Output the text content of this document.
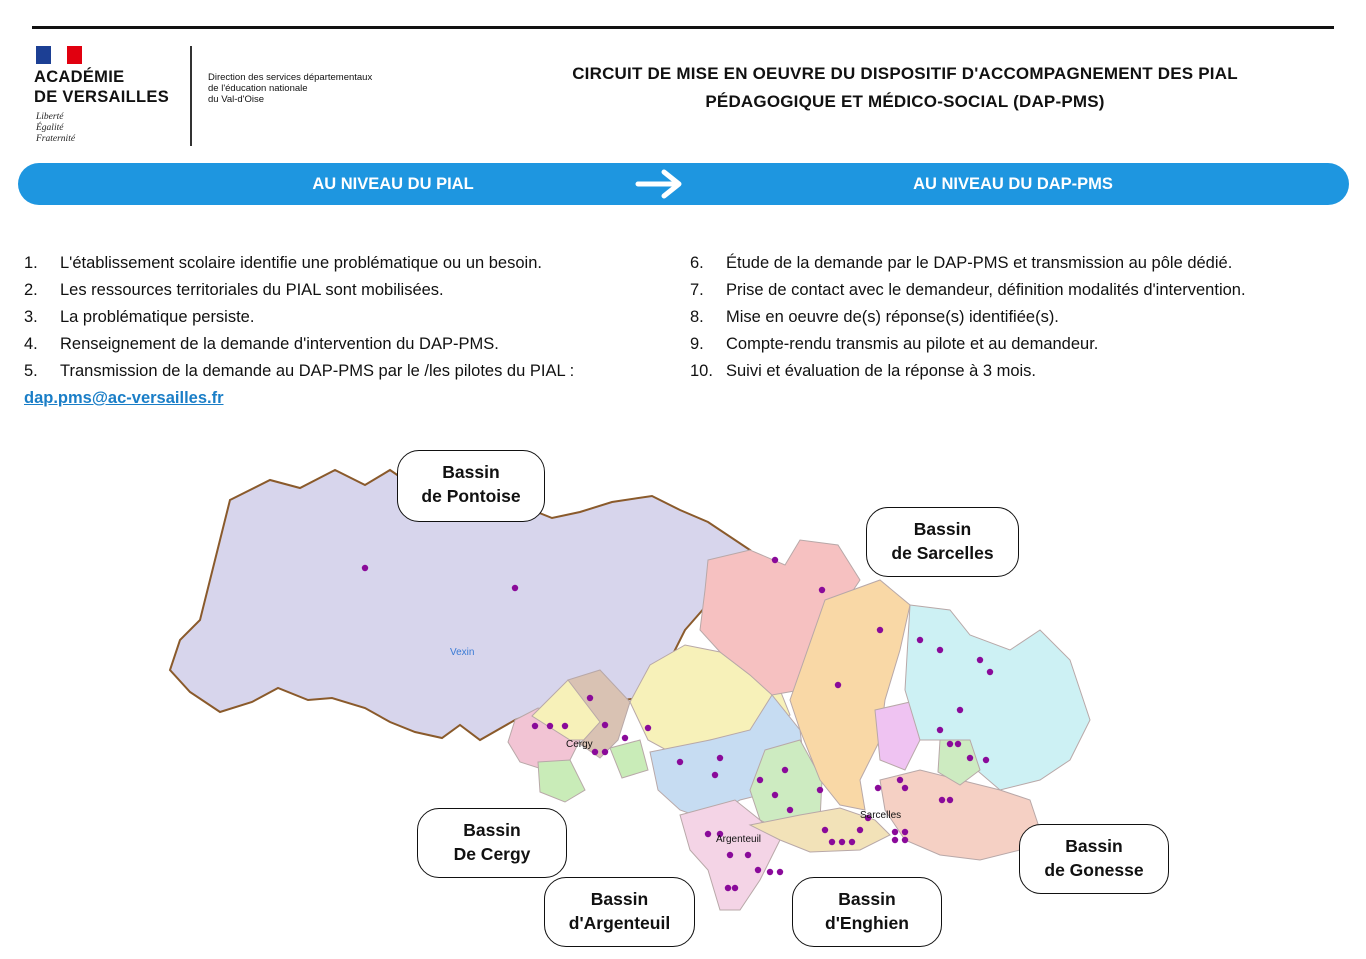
ACADÉMIE
DE VERSAILLES
Liberté
Égalité
Fraternité
Direction des services départementaux
de l'éducation nationale
du Val-d'Oise
CIRCUIT DE MISE EN OEUVRE DU DISPOSITIF D'ACCOMPAGNEMENT DES PIAL
PÉDAGOGIQUE ET MÉDICO-SOCIAL (DAP-PMS)
AU NIVEAU DU PIAL	AU NIVEAU DU DAP-PMS
1. L'établissement scolaire identifie une problématique ou un besoin.
2. Les ressources territoriales du PIAL sont mobilisées.
3. La problématique persiste.
4. Renseignement de la demande d'intervention du DAP-PMS.
5. Transmission de la demande au DAP-PMS par le /les pilotes du PIAL :
dap.pms@ac-versailles.fr
6. Étude de la demande par le DAP-PMS et transmission au pôle dédié.
7. Prise de contact avec le demandeur, définition modalités d'intervention.
8. Mise en oeuvre de(s) réponse(s) identifiée(s).
9. Compte-rendu transmis au pilote et au demandeur.
10. Suivi et évaluation de la réponse à 3 mois.
Vexin
Cergy
Argenteuil
Sarcelles
Bassin
de Pontoise
Bassin
de Sarcelles
Bassin
De Cergy
Bassin
d'Argenteuil
Bassin
d'Enghien
Bassin
de Gonesse
